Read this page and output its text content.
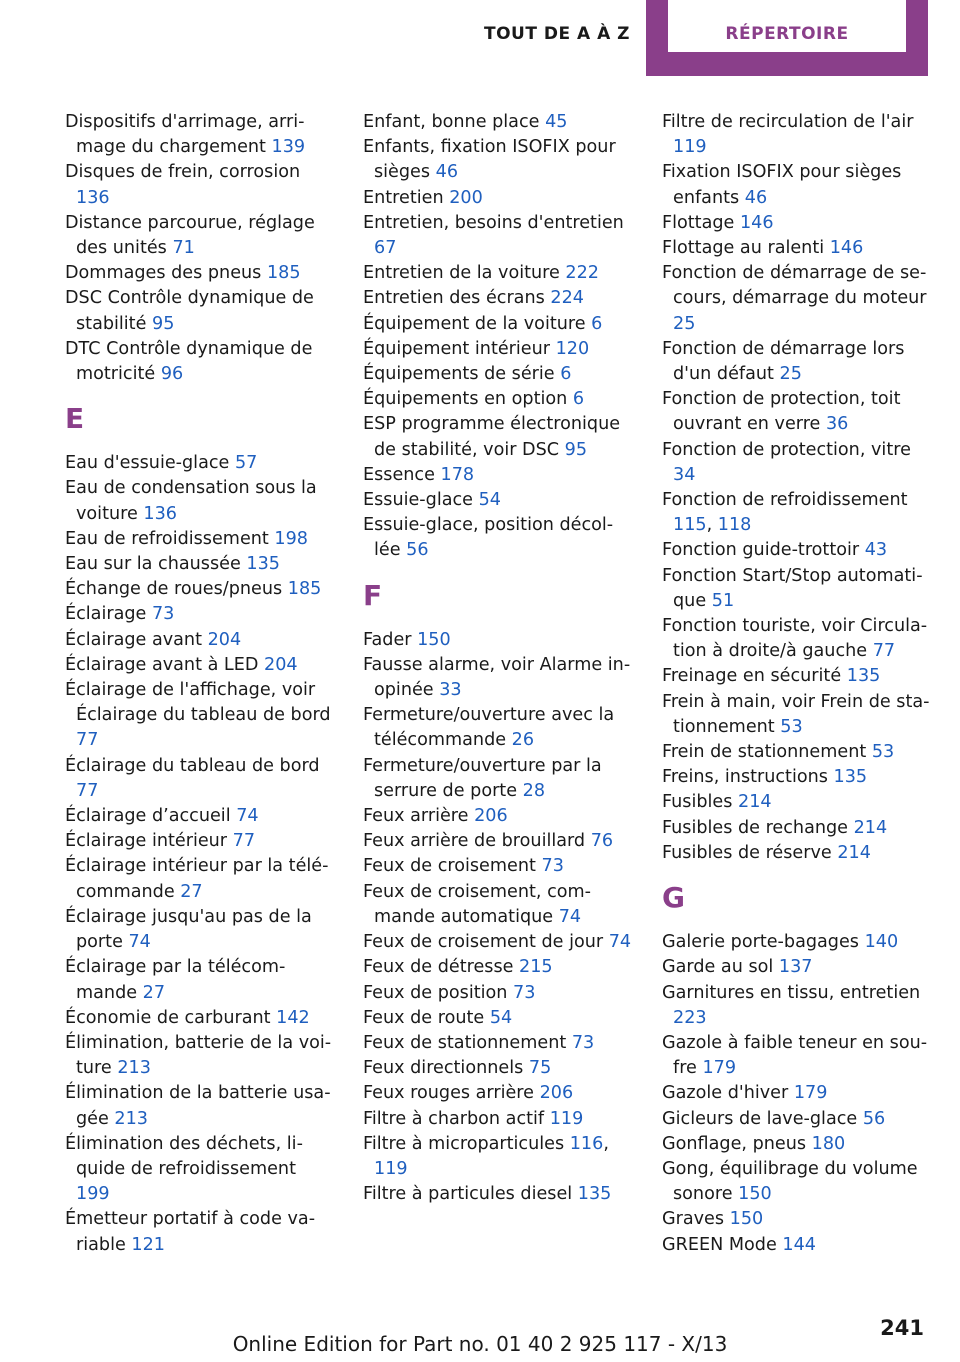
TOUT DE A À Z	RÉPERTOIRE
Dispositifs d'arrimage, arrimage du chargement 139
Disques de frein, corrosion 136
Distance parcourue, réglage des unités 71
Dommages des pneus 185
DSC Contrôle dynamique de stabilité 95
DTC Contrôle dynamique de motricité 96
E
Eau d'essuie-glace 57
Eau de condensation sous la voiture 136
Eau de refroidissement 198
Eau sur la chaussée 135
Échange de roues/pneus 185
Éclairage 73
Éclairage avant 204
Éclairage avant à LED 204
Éclairage de l'affichage, voir Éclairage du tableau de bord 77
Éclairage du tableau de bord 77
Éclairage d’accueil 74
Éclairage intérieur 77
Éclairage intérieur par la télécommande 27
Éclairage jusqu'au pas de la porte 74
Éclairage par la télécommande 27
Économie de carburant 142
Élimination, batterie de la voiture 213
Élimination de la batterie usagée 213
Élimination des déchets, liquide de refroidissement 199
Émetteur portatif à code variable 121
Enfant, bonne place 45
Enfants, fixation ISOFIX pour sièges 46
Entretien 200
Entretien, besoins d'entretien 67
Entretien de la voiture 222
Entretien des écrans 224
Équipement de la voiture 6
Équipement intérieur 120
Équipements de série 6
Équipements en option 6
ESP programme électronique de stabilité, voir DSC 95
Essence 178
Essuie-glace 54
Essuie-glace, position décollée 56
F
Fader 150
Fausse alarme, voir Alarme inopinée 33
Fermeture/ouverture avec la télécommande 26
Fermeture/ouverture par la serrure de porte 28
Feux arrière 206
Feux arrière de brouillard 76
Feux de croisement 73
Feux de croisement, commande automatique 74
Feux de croisement de jour 74
Feux de détresse 215
Feux de position 73
Feux de route 54
Feux de stationnement 73
Feux directionnels 75
Feux rouges arrière 206
Filtre à charbon actif 119
Filtre à microparticules 116, 119
Filtre à particules diesel 135
Filtre de recirculation de l'air 119
Fixation ISOFIX pour sièges enfants 46
Flottage 146
Flottage au ralenti 146
Fonction de démarrage de secours, démarrage du moteur 25
Fonction de démarrage lors d'un défaut 25
Fonction de protection, toit ouvrant en verre 36
Fonction de protection, vitre 34
Fonction de refroidissement 115, 118
Fonction guide-trottoir 43
Fonction Start/Stop automatique 51
Fonction touriste, voir Circulation à droite/à gauche 77
Freinage en sécurité 135
Frein à main, voir Frein de stationnement 53
Frein de stationnement 53
Freins, instructions 135
Fusibles 214
Fusibles de rechange 214
Fusibles de réserve 214
G
Galerie porte-bagages 140
Garde au sol 137
Garnitures en tissu, entretien 223
Gazole à faible teneur en soufre 179
Gazole d'hiver 179
Gicleurs de lave-glace 56
Gonflage, pneus 180
Gong, équilibrage du volume sonore 150
Graves 150
GREEN Mode 144
241
Online Edition for Part no. 01 40 2 925 117 - X/13
